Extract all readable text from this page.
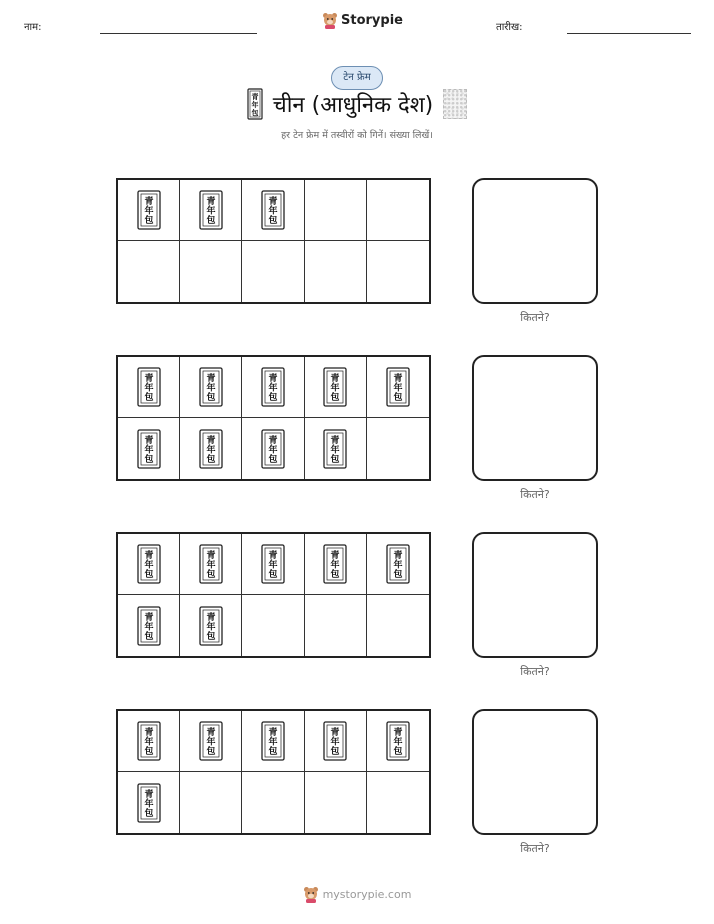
नाम:	Storypie	तारीख:
टेन फ्रेम
青
年
包 चीन (आधुनिक देश)
हर टेन फ्रेम में तस्वीरों को गिनें। संख्या लिखें।
青
年
包
青
年
包
青
年
包
कितने?
青
年
包
青
年
包
青
年
包
青
年
包
青
年
包
青
年
包
青
年
包
青
年
包
青
年
包
कितने?
青
年
包
青
年
包
青
年
包
青
年
包
青
年
包
青
年
包
青
年
包
कितने?
青
年
包
青
年
包
青
年
包
青
年
包
青
年
包
青
年
包
कितने?
mystorypie.com
